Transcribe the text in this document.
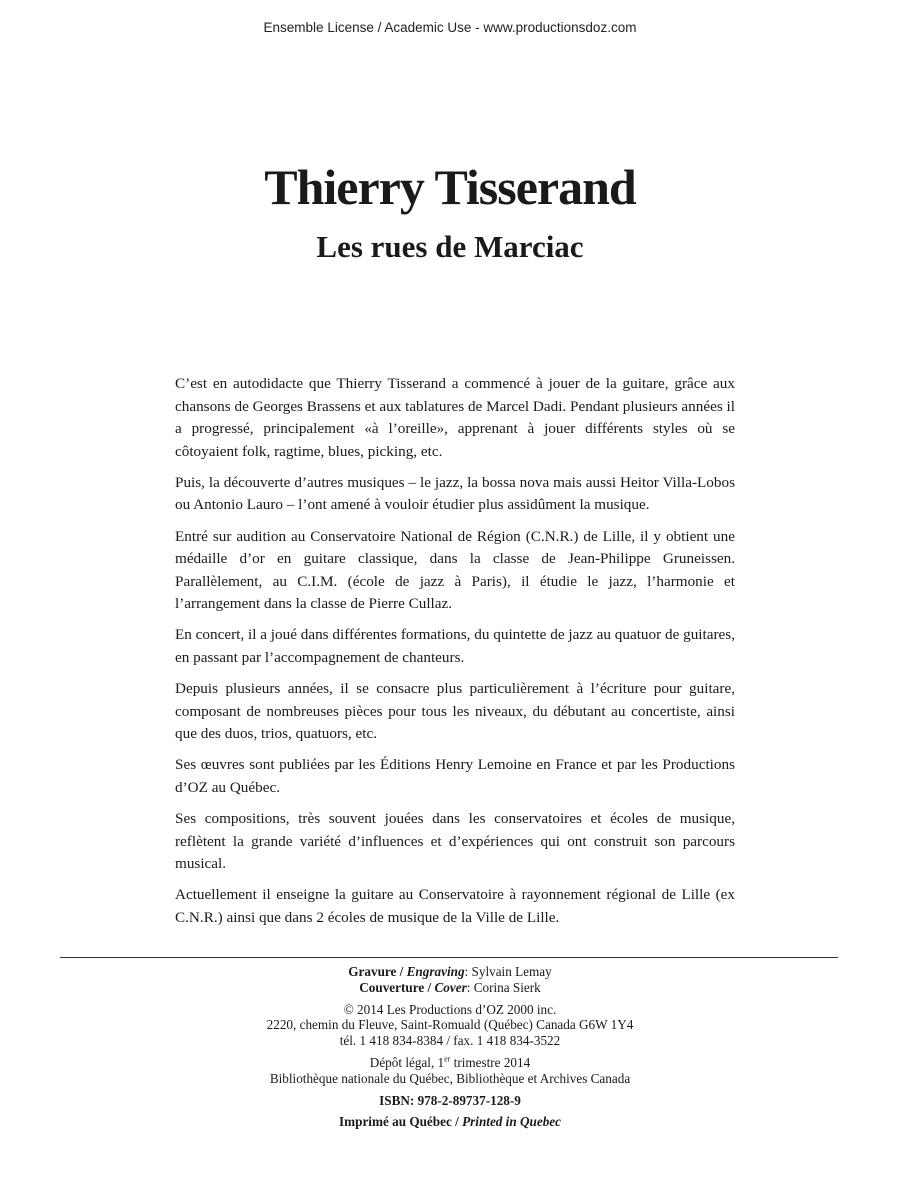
Ensemble License / Academic Use - www.productionsdoz.com
Thierry Tisserand
Les rues de Marciac

C’est en autodidacte que Thierry Tisserand a commencé à jouer de la guitare, grâce aux chansons de Georges Brassens et aux tablatures de Marcel Dadi. Pendant plusieurs années il a progressé, principalement «à l’oreille», apprenant à jouer différents styles où se côtoyaient folk, ragtime, blues, picking, etc.

Puis, la découverte d’autres musiques – le jazz, la bossa nova mais aussi Heitor Villa-Lobos ou Antonio Lauro – l’ont amené à vouloir étudier plus assidûment la musique.

Entré sur audition au Conservatoire National de Région (C.N.R.) de Lille, il y obtient une médaille d’or en guitare classique, dans la classe de Jean-Philippe Gruneissen. Parallèlement, au C.I.M. (école de jazz à Paris), il étudie le jazz, l’harmonie et l’arrangement dans la classe de Pierre Cullaz.

En concert, il a joué dans différentes formations, du quintette de jazz au quatuor de guitares, en passant par l’accompagnement de chanteurs.

Depuis plusieurs années, il se consacre plus particulièrement à l’écriture pour guitare, composant de nombreuses pièces pour tous les niveaux, du débutant au concertiste, ainsi que des duos, trios, quatuors, etc.

Ses œuvres sont publiées par les Éditions Henry Lemoine en France et par les Productions d’OZ au Québec.

Ses compositions, très souvent jouées dans les conservatoires et écoles de musique, reflètent la grande variété d’influences et d’expériences qui ont construit son parcours musical.

Actuellement il enseigne la guitare au Conservatoire à rayonnement régional de Lille (ex C.N.R.) ainsi que dans 2 écoles de musique de la Ville de Lille.

Gravure / Engraving: Sylvain Lemay
Couverture / Cover: Corina Sierk
© 2014 Les Productions d’OZ 2000 inc.
2220, chemin du Fleuve, Saint-Romuald (Québec) Canada G6W 1Y4
tél. 1 418 834-8384 / fax. 1 418 834-3522
Dépôt légal, 1er trimestre 2014
Bibliothèque nationale du Québec, Bibliothèque et Archives Canada
ISBN: 978-2-89737-128-9
Imprimé au Québec / Printed in Quebec
